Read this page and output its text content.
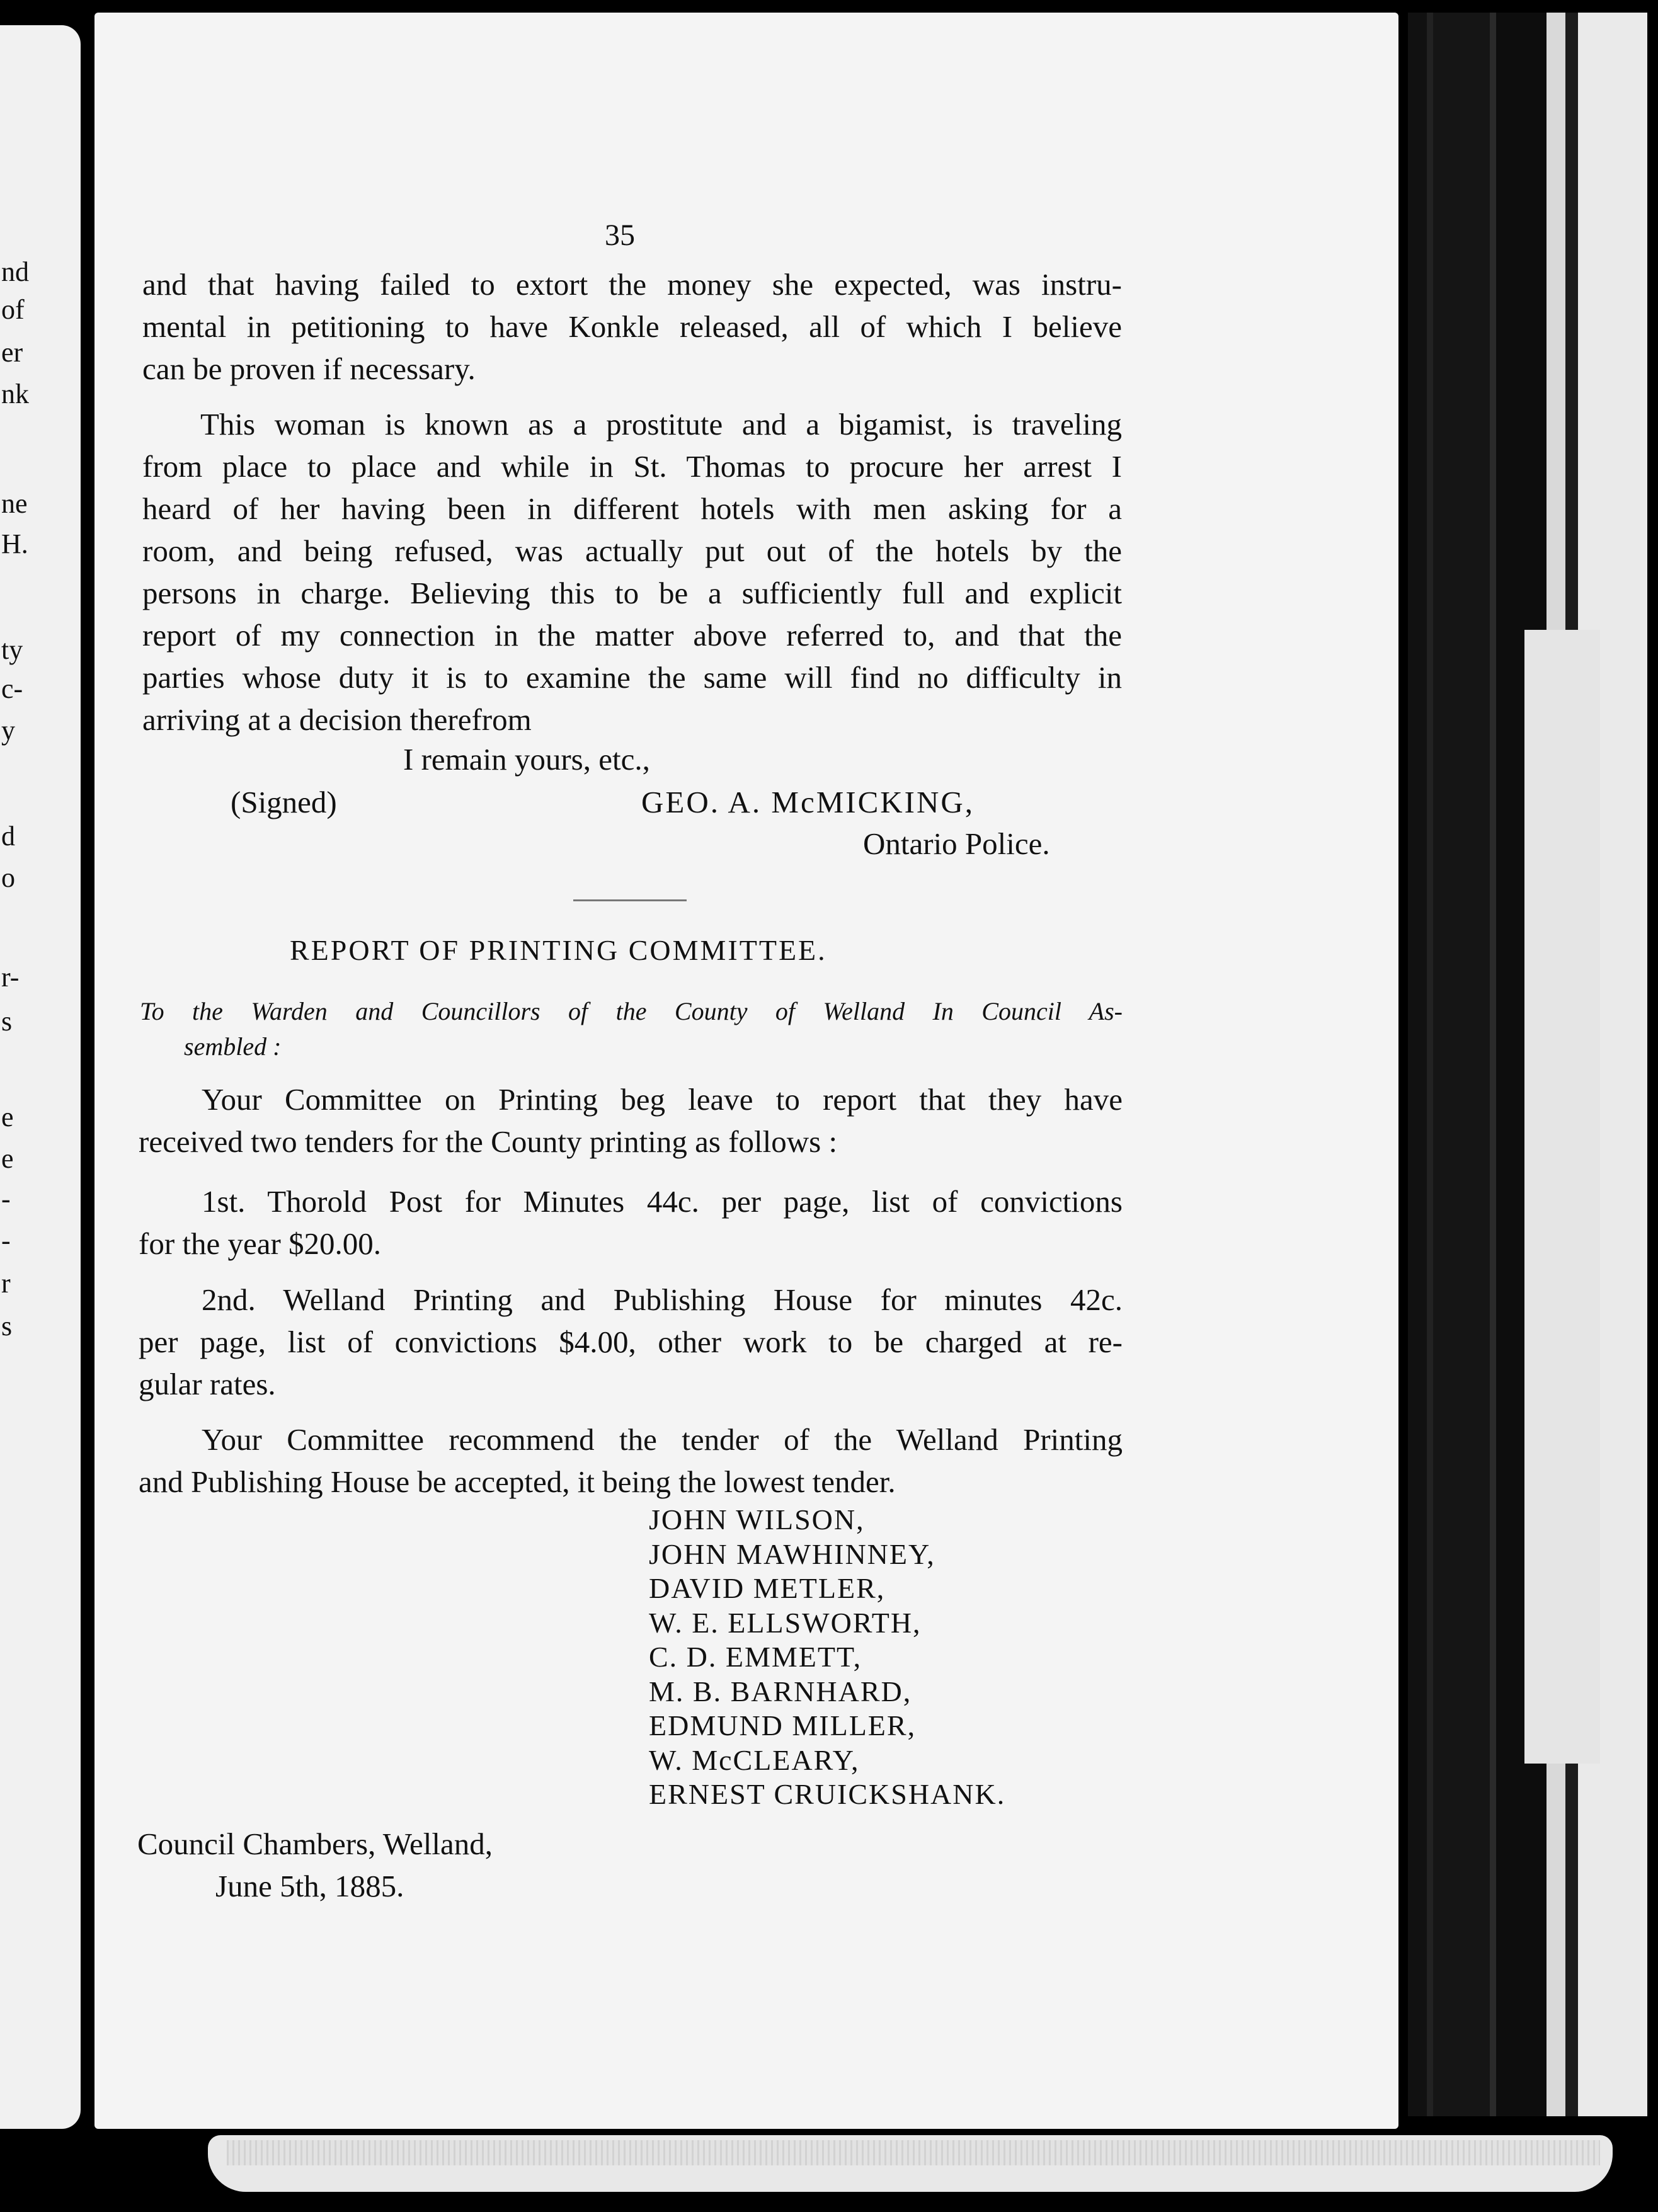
nd
of
er
nk
ne
H.
ty
c-
y
d
o
r-
s
e
e
-
-
r
s
35
and that having failed to extort the money she expected, was instru-
mental in petitioning to have Konkle released, all of which I believe
can be proven if necessary.
This woman is known as a prostitute and a bigamist, is traveling
from place to place and while in St. Thomas to procure her arrest I
heard of her having been in different hotels with men asking for a
room, and being refused, was actually put out of the hotels by the
persons in charge. Believing this to be a sufficiently full and explicit
report of my connection in the matter above referred to, and that the
parties whose duty it is to examine the same will find no difficulty in
arriving at a decision therefrom
I remain yours, etc.,
(Signed)	GEO. A. McMICKING,
Ontario Police.
REPORT OF PRINTING COMMITTEE.
To the Warden and Councillors of the County of Welland In Council As-
sembled :
Your Committee on Printing beg leave to report that they have
received two tenders for the County printing as follows :
1st. Thorold Post for Minutes 44c. per page, list of convictions
for the year $20.00.
2nd. Welland Printing and Publishing House for minutes 42c.
per page, list of convictions $4.00, other work to be charged at re-
gular rates.
Your Committee recommend the tender of the Welland Printing
and Publishing House be accepted, it being the lowest tender.
JOHN WILSON,
JOHN MAWHINNEY,
DAVID METLER,
W. E. ELLSWORTH,
C. D. EMMETT,
M. B. BARNHARD,
EDMUND MILLER,
W. McCLEARY,
ERNEST CRUICKSHANK.
Council Chambers, Welland,
June 5th, 1885.
